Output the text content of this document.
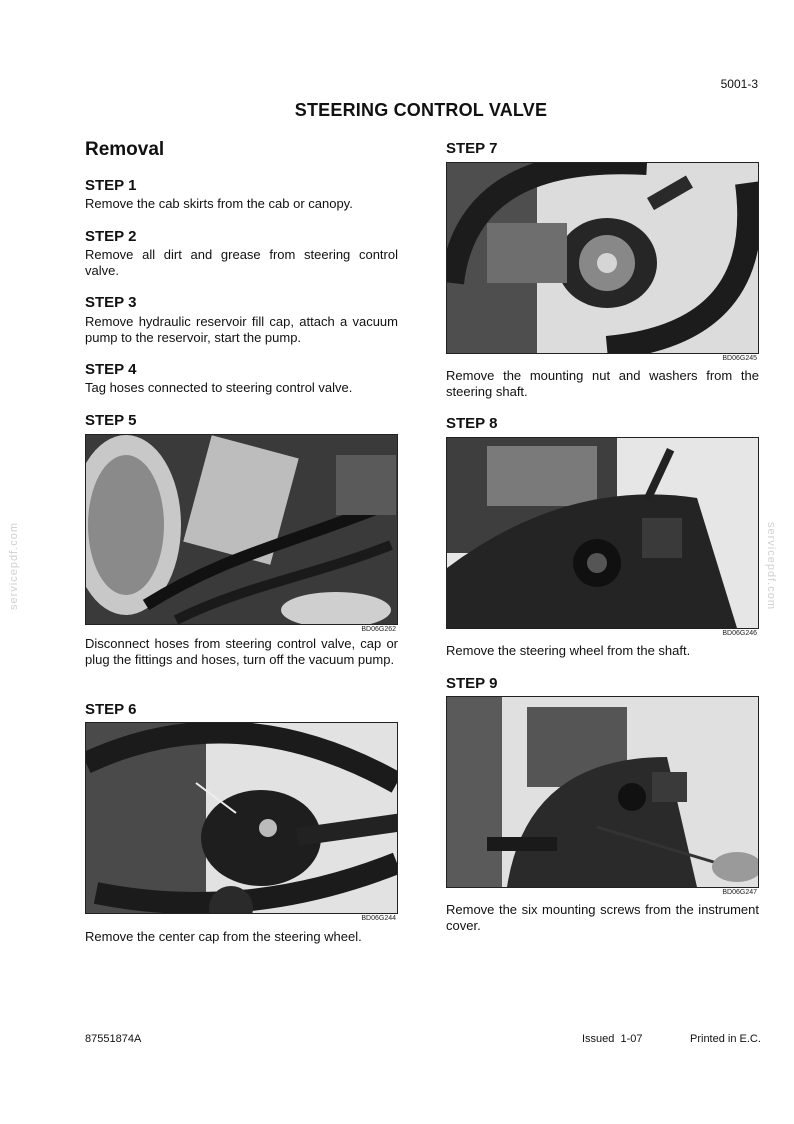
5001-3
STEERING CONTROL VALVE
Removal
STEP 1
Remove the cab skirts from the cab or canopy.
STEP 2
Remove all dirt and grease from steering control valve.
STEP 3
Remove hydraulic reservoir fill cap, attach a vacuum pump to the reservoir, start the pump.
STEP 4
Tag hoses connected to steering control valve.
STEP 5
BD06G262
Disconnect hoses from steering control valve, cap or plug the fittings and hoses, turn off the vacuum pump.
STEP 6
BD06G244
Remove the center cap from the steering wheel.
STEP 7
BD06G245
Remove the mounting nut and washers from the steering shaft.
STEP 8
BD06G246
Remove the steering wheel from the shaft.
STEP 9
BD06G247
Remove the six mounting screws from the instrument cover.
servicepdf.com	servicepdf.com
87551874A	Issued  1-07	Printed in E.C.
